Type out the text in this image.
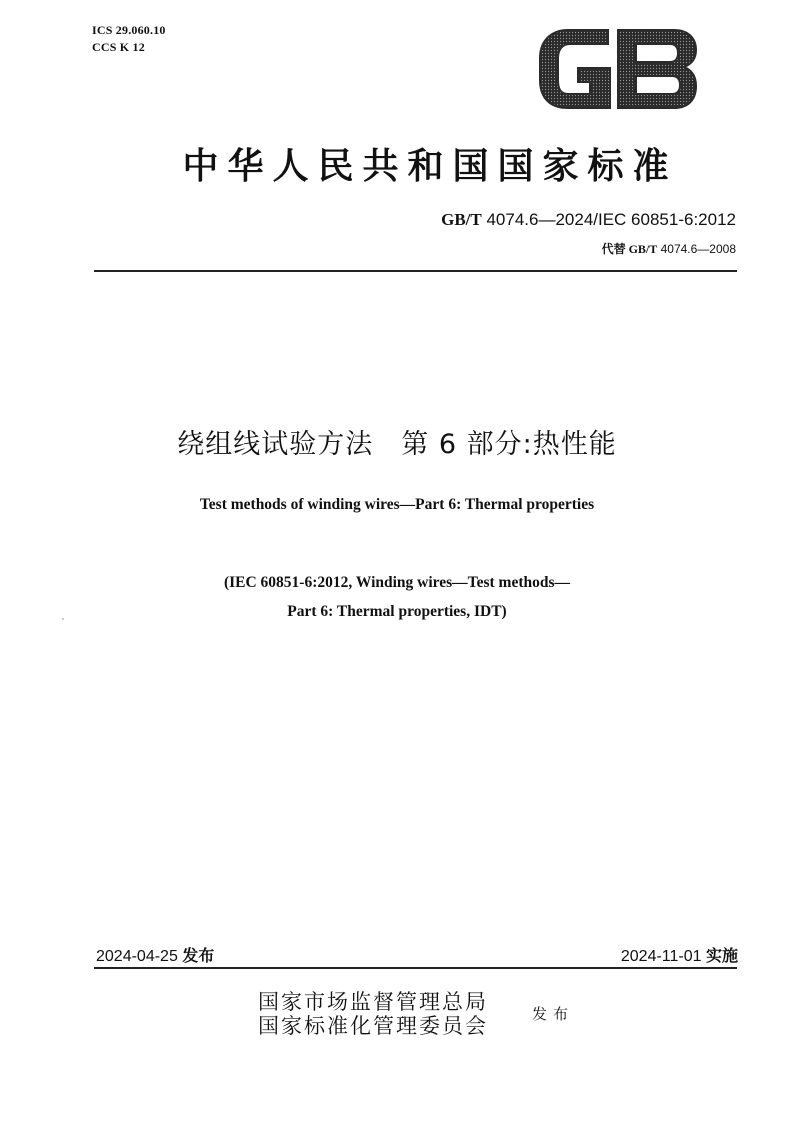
ICS 29.060.10
CCS K 12
中华人民共和国国家标准
GB/T 4074.6—2024/IEC 60851-6:2012
代替 GB/T 4074.6—2008
绕组线试验方法　第 6 部分:热性能
Test methods of winding wires—Part 6: Thermal properties
(IEC 60851-6:2012, Winding wires—Test methods—
Part 6: Thermal properties, IDT)
2024-04-25 发布	2024-11-01 实施
国家市场监督管理总局
国家标准化管理委员会	发布
